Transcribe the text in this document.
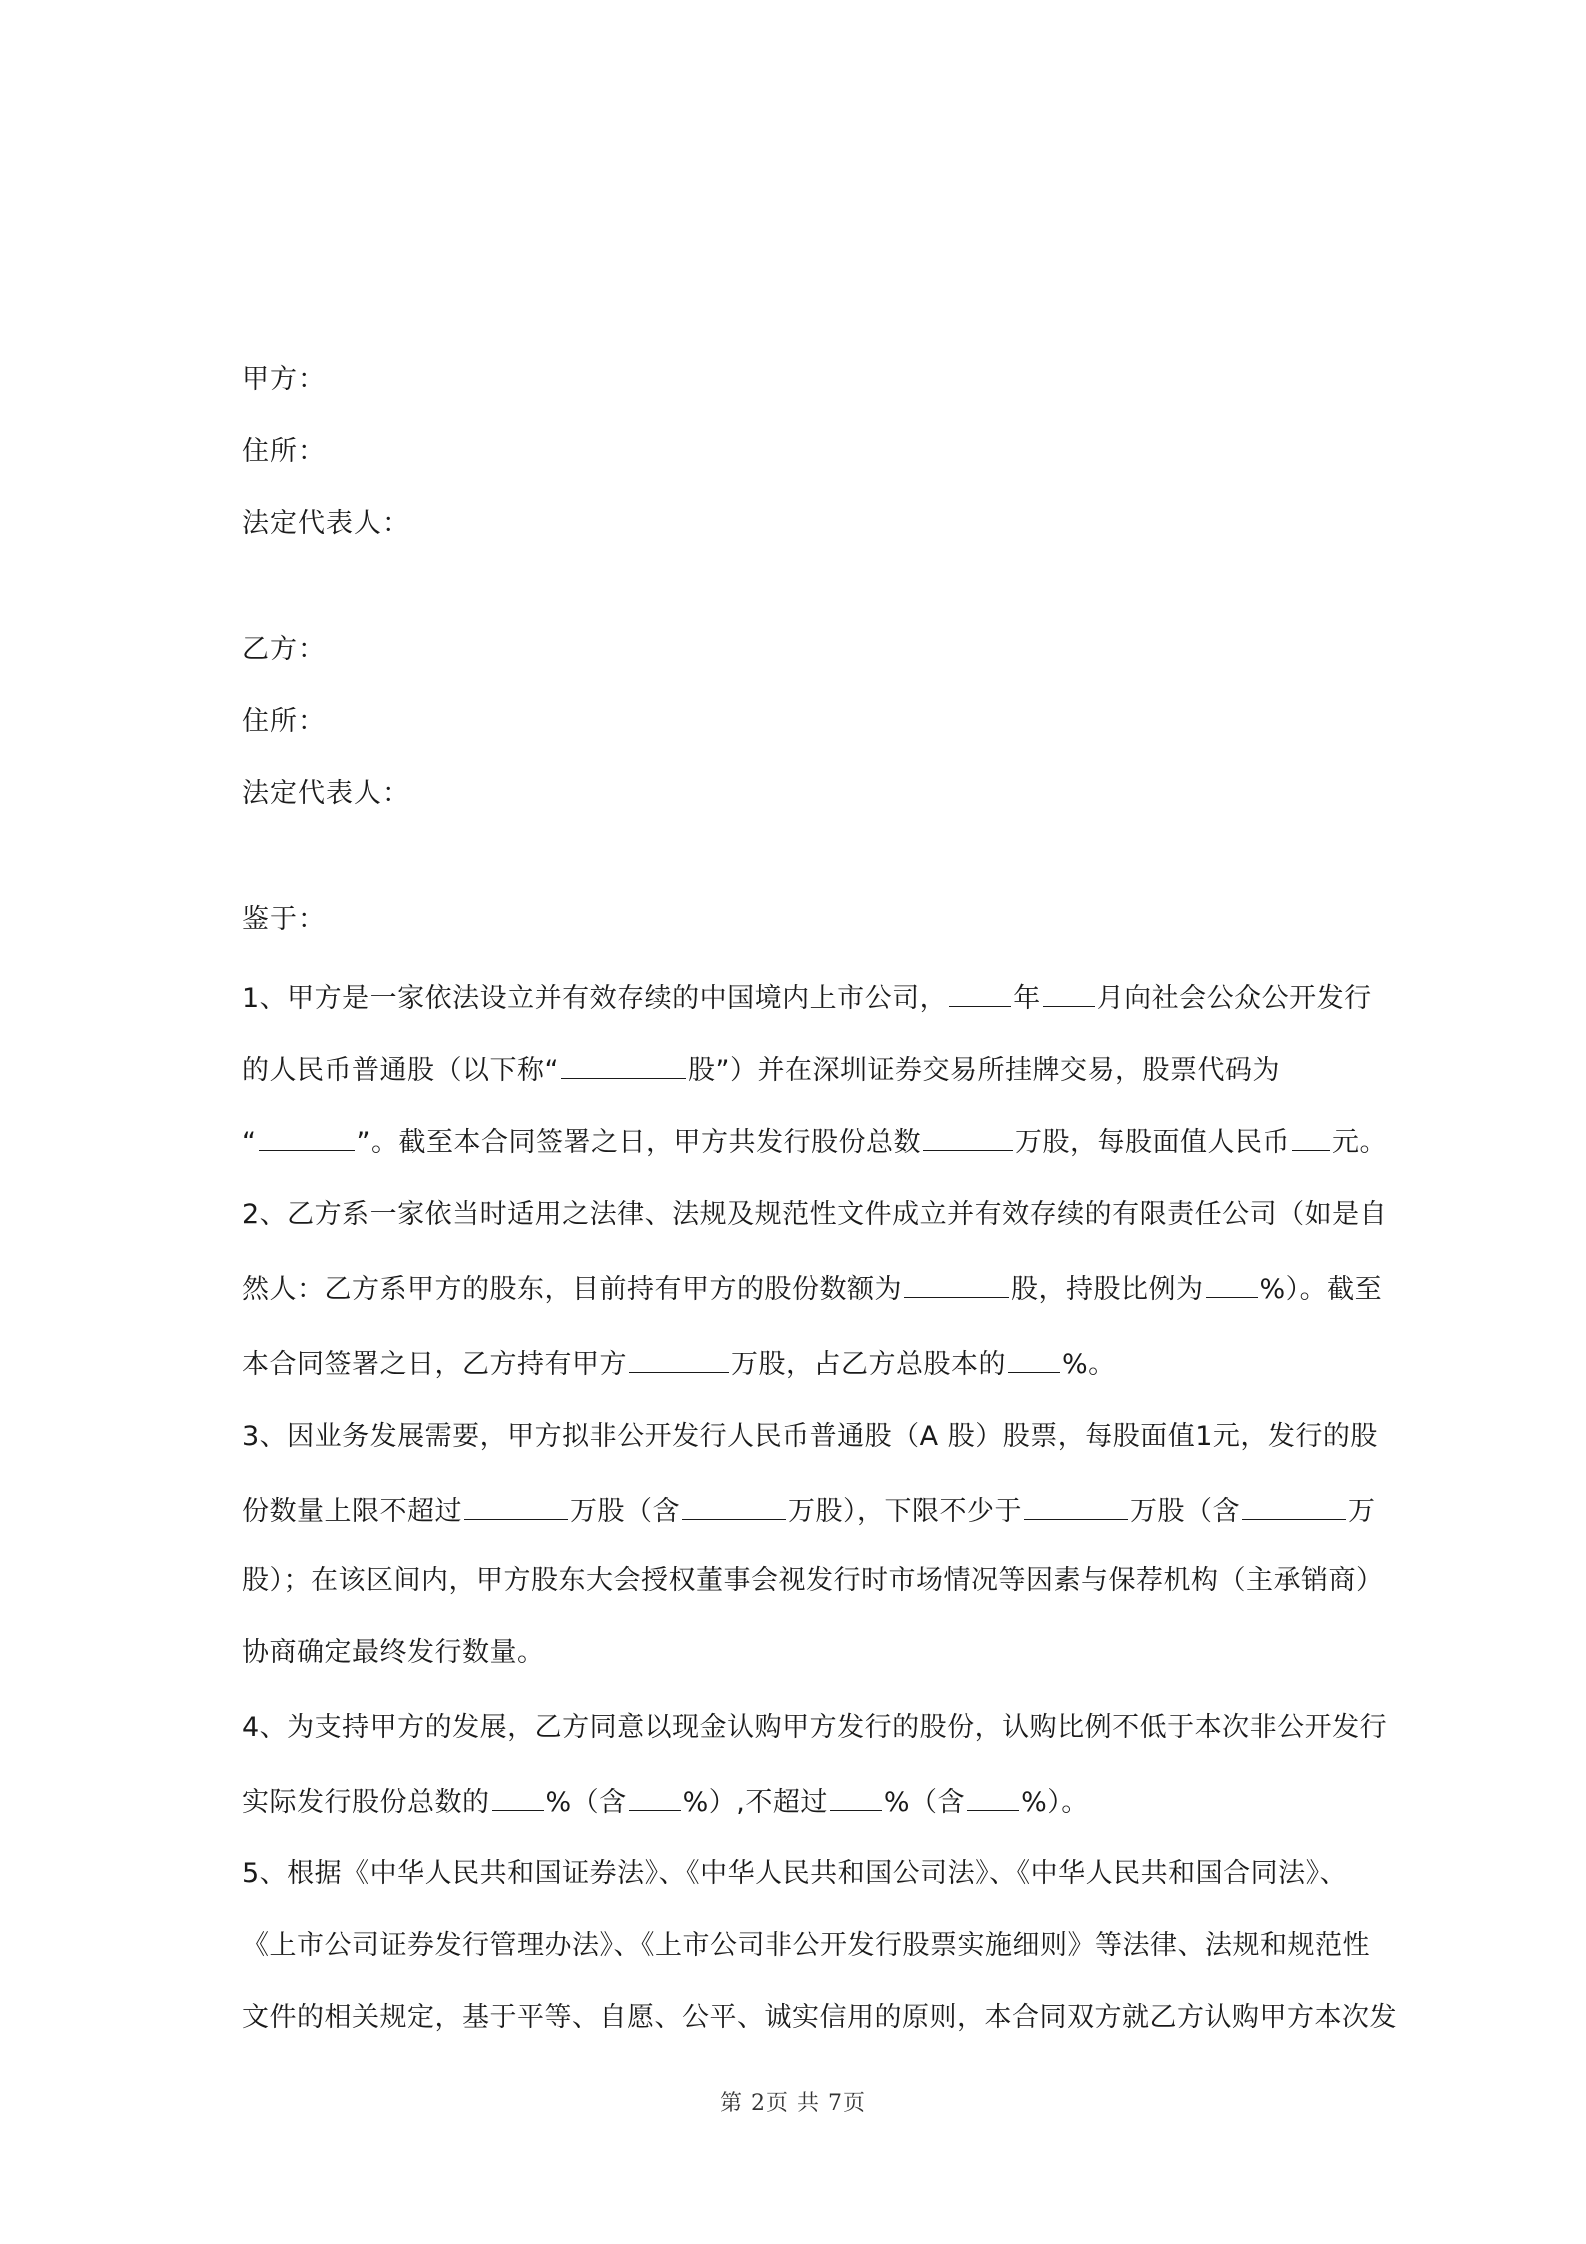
甲方：
住所：
法定代表人：
乙方：
住所：
法定代表人：
鉴于：
1、甲方是一家依法设立并有效存续的中国境内上市公司， 年 月向社会公众公开发行
的人民币普通股（以下称“	股”）并在深圳证券交易所挂牌交易，股票代码为
“	”。截至本合同签署之日，甲方共发行股份总数	万股，每股面值人民币 元。
2、乙方系一家依当时适用之法律、法规及规范性文件成立并有效存续的有限责任公司（如是自
然人：乙方系甲方的股东，目前持有甲方的股份数额为	股，持股比例为 %）。截至
本合同签署之日，乙方持有甲方	万股，占乙方总股本的 %。
3、因业务发展需要，甲方拟非公开发行人民币普通股（A 股）股票，每股面值1元，发行的股
份数量上限不超过	万股（含	万股），下限不少于	万股（含	万
股）；在该区间内，甲方股东大会授权董事会视发行时市场情况等因素与保荐机构（主承销商）
协商确定最终发行数量。
4、为支持甲方的发展，乙方同意以现金认购甲方发行的股份，认购比例不低于本次非公开发行
实际发行股份总数的 %（含 %）,不超过 %（含 %）。
5、根据《中华人民共和国证券法》、《中华人民共和国公司法》、《中华人民共和国合同法》、
《上市公司证券发行管理办法》、《上市公司非公开发行股票实施细则》等法律、法规和规范性
文件的相关规定，基于平等、自愿、公平、诚实信用的原则，本合同双方就乙方认购甲方本次发
第 2页 共 7页
